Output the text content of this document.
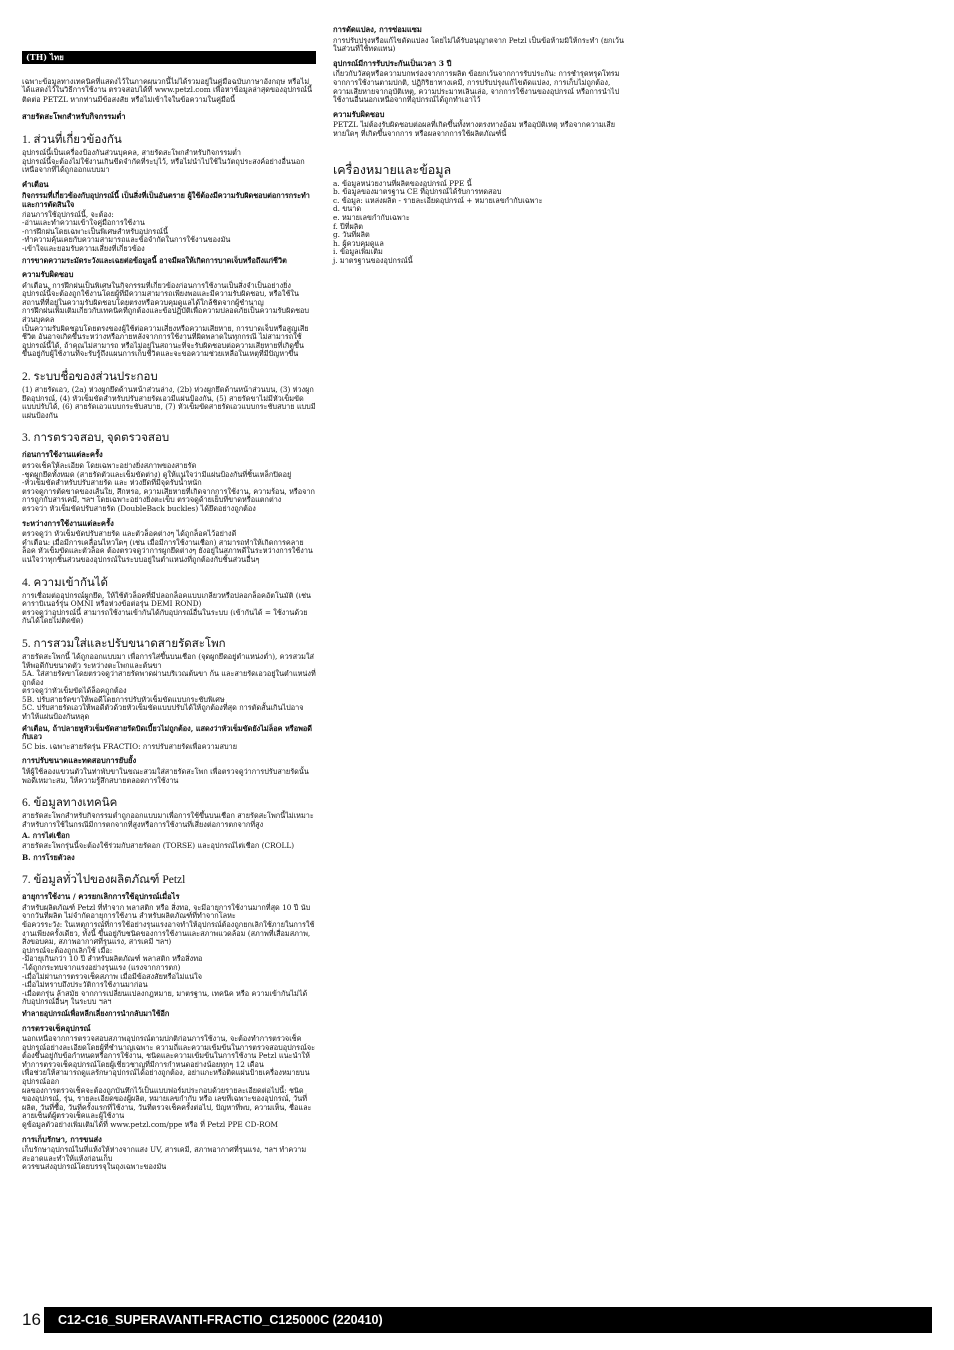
(TH) ไทย

เฉพาะข้อมูลทางเทคนิคที่แสดงไว้ในภาคผนวกนี้ไม่ได้รวมอยู่ในคู่มือฉบับภาษาอังกฤษ หรือไม่ได้แสดงไว้ในวิธีการใช้งาน ตรวจสอบได้ที่ www.petzl.com เพื่อหาข้อมูลล่าสุดของอุปกรณ์นี้

ติดต่อ PETZL หากท่านมีข้อสงสัย หรือไม่เข้าใจในข้อความในคู่มือนี้

สายรัดสะโพกสำหรับกิจกรรมต่ำ
1. ส่วนที่เกี่ยวข้องกัน

อุปกรณ์นี้เป็นเครื่องป้องกันส่วนบุคคล, สายรัดสะโพกสำหรับกิจกรรมต่ำ
อุปกรณ์นี้จะต้องไม่ใช้งานเกินขีดจำกัดที่ระบุไว้, หรือไม่นำไปใช้ในวัตถุประสงค์อย่างอื่นนอกเหนือจากที่ได้ถูกออกแบบมา

คำเตือน

กิจกรรมที่เกี่ยวข้องกับอุปกรณ์นี้ เป็นสิ่งที่เป็นอันตราย ผู้ใช้ต้องมีความรับผิดชอบต่อการกระทำและการตัดสินใจ

ก่อนการใช้อุปกรณ์นี้, จะต้อง:
-อ่านและทำความเข้าใจคู่มือการใช้งาน
-การฝึกฝนโดยเฉพาะเป็นพิเศษสำหรับอุปกรณ์นี้
-ทำความคุ้นเคยกับความสามารถและข้อจำกัดในการใช้งานของมัน
-เข้าใจและยอมรับความเสี่ยงที่เกี่ยวข้อง

การขาดความระมัดระวังและเฉยต่อข้อมูลนี้ อาจมีผลให้เกิดการบาดเจ็บหรือถึงแก่ชีวิต

ความรับผิดชอบ

คำเตือน, การฝึกฝนเป็นพิเศษในกิจกรรมที่เกี่ยวข้องก่อนการใช้งานเป็นสิ่งจำเป็นอย่างยิ่ง
อุปกรณ์นี้จะต้องถูกใช้งานโดยผู้ที่มีความสามารถเพียงพอและมีความรับผิดชอบ, หรือใช้ในสถานที่ที่อยู่ในความรับผิดชอบโดยตรงหรือควบคุมดูแลได้ใกล้ชิดจากผู้ชำนาญ
การฝึกฝนเพิ่มเติมเกี่ยวกับเทคนิคที่ถูกต้องและข้อปฏิบัติเพื่อความปลอดภัยเป็นความรับผิดชอบส่วนบุคคล
เป็นความรับผิดชอบโดยตรงของผู้ใช้ต่อความเสี่ยงหรือความเสียหาย, การบาดเจ็บหรือสูญเสียชีวิต อันอาจเกิดขึ้นระหว่างหรือภายหลังจากการใช้งานที่ผิดพลาดในทุกกรณี ไม่สามารถใช้อุปกรณ์นี้ได้, ถ้าคุณไม่สามารถ หรือไม่อยู่ในสถานะที่จะรับผิดชอบต่อความเสียหายที่เกิดขึ้น
ขึ้นอยู่กับผู้ใช้งานที่จะรับรู้ถึงแผนการเก็บชีวิตและจะขอความช่วยเหลือในเหตุที่มีปัญหาขึ้น

2. ระบบชื่อของส่วนประกอบ

(1) สายรัดเอว, (2a) ห่วงผูกยึดด้านหน้าส่วนล่าง, (2b) ห่วงผูกยึดด้านหน้าส่วนบน, (3) ห่วงผูกยึดอุปกรณ์, (4) หัวเข็มขัดสำหรับปรับสายรัดเอวมีแผ่นป้องกัน, (5) สายรัดขาไม่มีหัวเข็มขัดแบบปรับได้, (6) สายรัดเอวแบบกระชับสบาย, (7) หัวเข็มขัดสายรัดเอวแบบกระชับสบาย แบบมีแผ่นป้องกัน

3. การตรวจสอบ, จุดตรวจสอบ
ก่อนการใช้งานแต่ละครั้ง

ตรวจเช็คให้ละเอียด โดยเฉพาะอย่างยิ่งสภาพของสายรัด
-ชุดผูกยึดทั้งหมด (สายรัดตัวและเข็มขัดต่าง) ดูให้แน่ใจว่ามีแผ่นป้องกันที่ชิ้นเหล็กปิดอยู่
-หัวเข็มขัดสำหรับปรับสายรัด และ ห่วงยึดที่มีจุดรับน้ำหนัก
ตรวจดูการตัดขาดของเส้นใย, สึกหรอ, ความเสียหายที่เกิดจากการใช้งาน, ความร้อน, หรือจากการถูกกับสารเคมี, ฯลฯ โดยเฉพาะอย่างยิ่งตะเข็บ ตรวจดูด้ายเย็บที่ขาดหรือแตกต่าง
ตรวจว่า หัวเข็มขัดปรับสายรัด (DoubleBack buckles) ได้ยึดอย่างถูกต้อง

ระหว่างการใช้งานแต่ละครั้ง

ตรวจดูว่า หัวเข็มขัดปรับสายรัด และตัวล็อคต่างๆ ได้ถูกล็อคไว้อย่างดี
คำเตือน: เมื่อมีการเคลื่อนไหวใดๆ (เช่น เมื่อมีการใช้งานเชือก) สามารถทำให้เกิดการคลายล็อค หัวเข็มขัดและตัวล็อค ต้องตรวจดูว่าการผูกยึดต่างๆ ยังอยู่ในสภาพดีในระหว่างการใช้งาน
แน่ใจว่าทุกชิ้นส่วนของอุปกรณ์ในระบบอยู่ในตำแหน่งที่ถูกต้องกับชิ้นส่วนอื่นๆ

4. ความเข้ากันได้

การเชื่อมต่ออุปกรณ์ผูกยึด, ให้ใช้ตัวล็อคที่มีปลอกล็อคแบบเกลียวหรือปลอกล็อคอัตโนมัติ (เช่น คาราบิเนอร์รุ่น OMNI หรือห่วงข้อต่อรุ่น DEMI ROND)
ตรวจดูว่าอุปกรณ์นี้ สามารถใช้งานเข้ากันได้กับอุปกรณ์อื่นในระบบ (เข้ากันได้ = ใช้งานด้วยกันได้โดยไม่ติดขัด)

5. การสวมใส่และปรับขนาดสายรัดสะโพก

สายรัดสะโพกนี้ ได้ถูกออกแบบมา เพื่อการใส่ขึ้นบนเชือก (จุดผูกยึดอยู่ตำแหน่งต่ำ), ควรสวมใส่ให้พอดีกับขนาดตัว ระหว่างตะโพกและต้นขา
5A. ใส่สายรัดขาโดยตรวจดูว่าสายรัดพาดผ่านบริเวณต้นขา ก้น และสายรัดเอวอยู่ในตำแหน่งที่ถูกต้อง
ตรวจดูว่าหัวเข็มขัดได้ล็อคถูกต้อง
5B. ปรับสายรัดขาให้พอดีโดยการปรับหัวเข็มขัดแบบกระชับพิเศษ
5C. ปรับสายรัดเอวให้พอดีตัวด้วยหัวเข็มขัดแบบปรับได้ให้ถูกต้องที่สุด การตัดสั้นเกินไปอาจทำให้แผ่นป้องกันหลุด

คำเตือน, ถ้าปลายหูหัวเข็มขัดสายรัดบิดเบี้ยวไม่ถูกต้อง, แสดงว่าหัวเข็มขัดยังไม่ล็อค หรือพอดีกับเอว

5C bis. เฉพาะสายรัดรุ่น FRACTIO: การปรับสายรัดเพื่อความสบาย

การปรับขนาดและทดสอบการยับยั้ง

ให้ผู้ใช้ลองแขวนตัวในท่าพับขาในขณะสวมใส่สายรัดสะโพก เพื่อตรวจดูว่าการปรับสายรัดนั้นพอดีเหมาะสม, ให้ความรู้สึกสบายตลอดการใช้งาน

6. ข้อมูลทางเทคนิค

สายรัดสะโพกสำหรับกิจกรรมต่ำถูกออกแบบมาเพื่อการใช้ขึ้นบนเชือก สายรัดสะโพกนี้ไม่เหมาะสำหรับการใช้ในกรณีมีการตกจากที่สูงหรือการใช้งานที่เสี่ยงต่อการตกจากที่สูง

A. การไต่เชือก

สายรัดสะโพกรุ่นนี้จะต้องใช้ร่วมกับสายรัดอก (TORSE) และอุปกรณ์ไต่เชือก (CROLL)

B. การโรยตัวลง

7. ข้อมูลทั่วไปของผลิตภัณฑ์ Petzl
อายุการใช้งาน / ควรยกเลิกการใช้อุปกรณ์เมื่อไร

สำหรับผลิตภัณฑ์ Petzl ที่ทำจาก พลาสติก หรือ สิ่งทอ, จะมีอายุการใช้งานมากที่สุด 10 ปี นับจากวันที่ผลิต ไม่จำกัดอายุการใช้งาน สำหรับผลิตภัณฑ์ที่ทำจากโลหะ
ข้อควรระวัง: ในเหตุการณ์ที่การใช้อย่างรุนแรงอาจทำให้อุปกรณ์ต้องถูกยกเลิกใช้ภายในการใช้งานเพียงครั้งเดียว, ทั้งนี้ ขึ้นอยู่กับชนิดของการใช้งานและสภาพแวดล้อม (สภาพที่เสื่อมสภาพ, สิ่งขอบคม, สภาพอากาศที่รุนแรง, สารเคมี ฯลฯ)
อุปกรณ์จะต้องถูกเลิกใช้ เมื่อ:
-มีอายุเกินกว่า 10 ปี สำหรับผลิตภัณฑ์ พลาสติก หรือสิ่งทอ
-ได้ถูกกระทบจากแรงอย่างรุนแรง (แรงจากการตก)
-เมื่อไม่ผ่านการตรวจเช็คสภาพ เมื่อมีข้อสงสัยหรือไม่แน่ใจ
-เมื่อไม่ทราบถึงประวัติการใช้งานมาก่อน
-เมื่อตกรุ่น ล้าสมัย จากการเปลี่ยนแปลงกฎหมาย, มาตรฐาน, เทคนิค หรือ ความเข้ากันไม่ได้กับอุปกรณ์อื่นๆ ในระบบ ฯลฯ

ทำลายอุปกรณ์เพื่อหลีกเลี่ยงการนำกลับมาใช้อีก

การตรวจเช็คอุปกรณ์

นอกเหนือจากการตรวจสอบสภาพอุปกรณ์ตามปกติก่อนการใช้งาน, จะต้องทำการตรวจเช็คอุปกรณ์อย่างละเอียดโดยผู้ที่ชำนาญเฉพาะ ความถี่และความเข้มข้นในการตรวจสอบอุปกรณ์จะต้องขึ้นอยู่กับข้อกำหนดหรือการใช้งาน, ชนิดและความเข้มข้นในการใช้งาน Petzl แนะนำให้ทำการตรวจเช็คอุปกรณ์โดยผู้เชี่ยวชาญที่มีการกำหนดอย่างน้อยทุกๆ 12 เดือน
เพื่อช่วยให้สามารถดูแลรักษาอุปกรณ์ได้อย่างถูกต้อง, อย่าแกะหรือติดแผ่นป้ายเครื่องหมายบนอุปกรณ์ออก
ผลของการตรวจเช็คจะต้องถูกบันทึกไว้เป็นแบบฟอร์มประกอบด้วยรายละเอียดต่อไปนี้: ชนิดของอุปกรณ์, รุ่น, รายละเอียดของผู้ผลิต, หมายเลขกำกับ หรือ เลขที่เฉพาะของอุปกรณ์, วันที่ผลิต, วันที่ซื้อ, วันที่ครั้งแรกที่ใช้งาน, วันที่ตรวจเช็คครั้งต่อไป, ปัญหาที่พบ, ความเห็น, ชื่อและลายเซ็นต์ผู้ตรวจเช็คและผู้ใช้งาน
ดูข้อมูลตัวอย่างเพิ่มเติมได้ที่ www.petzl.com/ppe หรือ ที่ Petzl PPE CD-ROM

การเก็บรักษา, การขนส่ง

เก็บรักษาอุปกรณ์ในที่แห้งให้ห่างจากแสง UV, สารเคมี, สภาพอากาศที่รุนแรง, ฯลฯ ทำความสะอาดและทำให้แห้งก่อนเก็บ
ควรขนส่งอุปกรณ์โดยบรรจุในถุงเฉพาะของมัน

การดัดแปลง, การซ่อมแซม

การปรับปรุงหรือแก้ไขดัดแปลง โดยไม่ได้รับอนุญาตจาก Petzl เป็นข้อห้ามมิให้กระทำ (ยกเว้นในส่วนที่ใช้ทดแทน)

อุปกรณ์มีการรับประกันเป็นเวลา 3 ปี

เกี่ยวกับวัสดุหรือความบกพร่องจากการผลิต ข้อยกเว้นจากการรับประกัน: การชำรุดทรุดโทรมจากการใช้งานตามปกติ, ปฏิกิริยาทางเคมี, การปรับปรุงแก้ไขดัดแปลง, การเก็บไม่ถูกต้อง, ความเสียหายจากอุบัติเหตุ, ความประมาทเลินเล่อ, จากการใช้งานของอุปกรณ์ หรือการนำไปใช้งานอื่นนอกเหนือจากที่อุปกรณ์ได้ถูกทำเอาไว้

ความรับผิดชอบ

PETZL ไม่ต้องรับผิดชอบต่อผลที่เกิดขึ้นทั้งทางตรงทางอ้อม หรืออุบัติเหตุ หรือจากความเสียหายใดๆ ที่เกิดขึ้นจากการ หรือผลจากการใช้ผลิตภัณฑ์นี้

เครื่องหมายและข้อมูล

a. ข้อมูลหน่วยงานที่ผลิตของอุปกรณ์ PPE นี้
b. ข้อมูลของมาตรฐาน CE ที่อุปกรณ์ได้รับการทดสอบ
c. ข้อมูล: แหล่งผลิต - รายละเอียดอุปกรณ์ + หมายเลขกำกับเฉพาะ
d. ขนาด
e. หมายเลขกำกับเฉพาะ
f. ปีที่ผลิต
g. วันที่ผลิต
h. ผู้ควบคุมดูแล
i. ข้อมูลเพิ่มเติม
j. มาตรฐานของอุปกรณ์นี้

16	C12-C16_SUPERAVANTI-FRACTIO_C125000C (220410)
